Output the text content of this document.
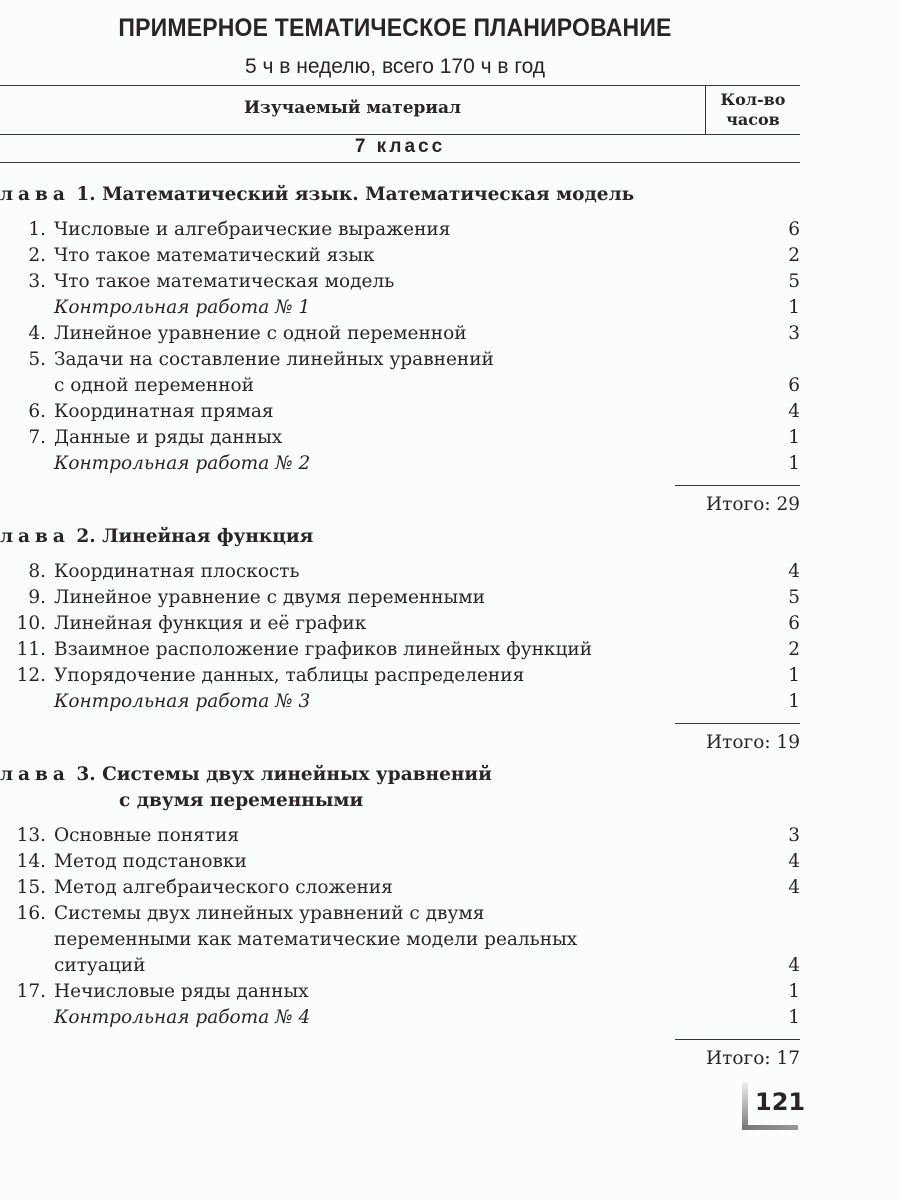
ПРИМЕРНОЕ ТЕМАТИЧЕСКОЕ ПЛАНИРОВАНИЕ
5 ч в неделю, всего 170 ч в год
Изучаемый материал	Кол-во часов
7 класс
лава 1. Математический язык. Математическая модель
1. Числовые и алгебраические выражения	6
2. Что такое математический язык	2
3. Что такое математическая модель	5
Контрольная работа № 1	1
4. Линейное уравнение с одной переменной	3
5. Задачи на составление линейных уравнений
с одной переменной	6
6. Координатная прямая	4
7. Данные и ряды данных	1
Контрольная работа № 2	1
Итого: 29
лава 2. Линейная функция
8. Координатная плоскость	4
9. Линейное уравнение с двумя переменными	5
10. Линейная функция и её график	6
11. Взаимное расположение графиков линейных функций	2
12. Упорядочение данных, таблицы распределения	1
Контрольная работа № 3	1
Итого: 19
лава 3. Системы двух линейных уравнений
с двумя переменными
13. Основные понятия	3
14. Метод подстановки	4
15. Метод алгебраического сложения	4
16. Системы двух линейных уравнений с двумя
переменными как математические модели реальных
ситуаций	4
17. Нечисловые ряды данных	1
Контрольная работа № 4	1
Итого: 17
121
